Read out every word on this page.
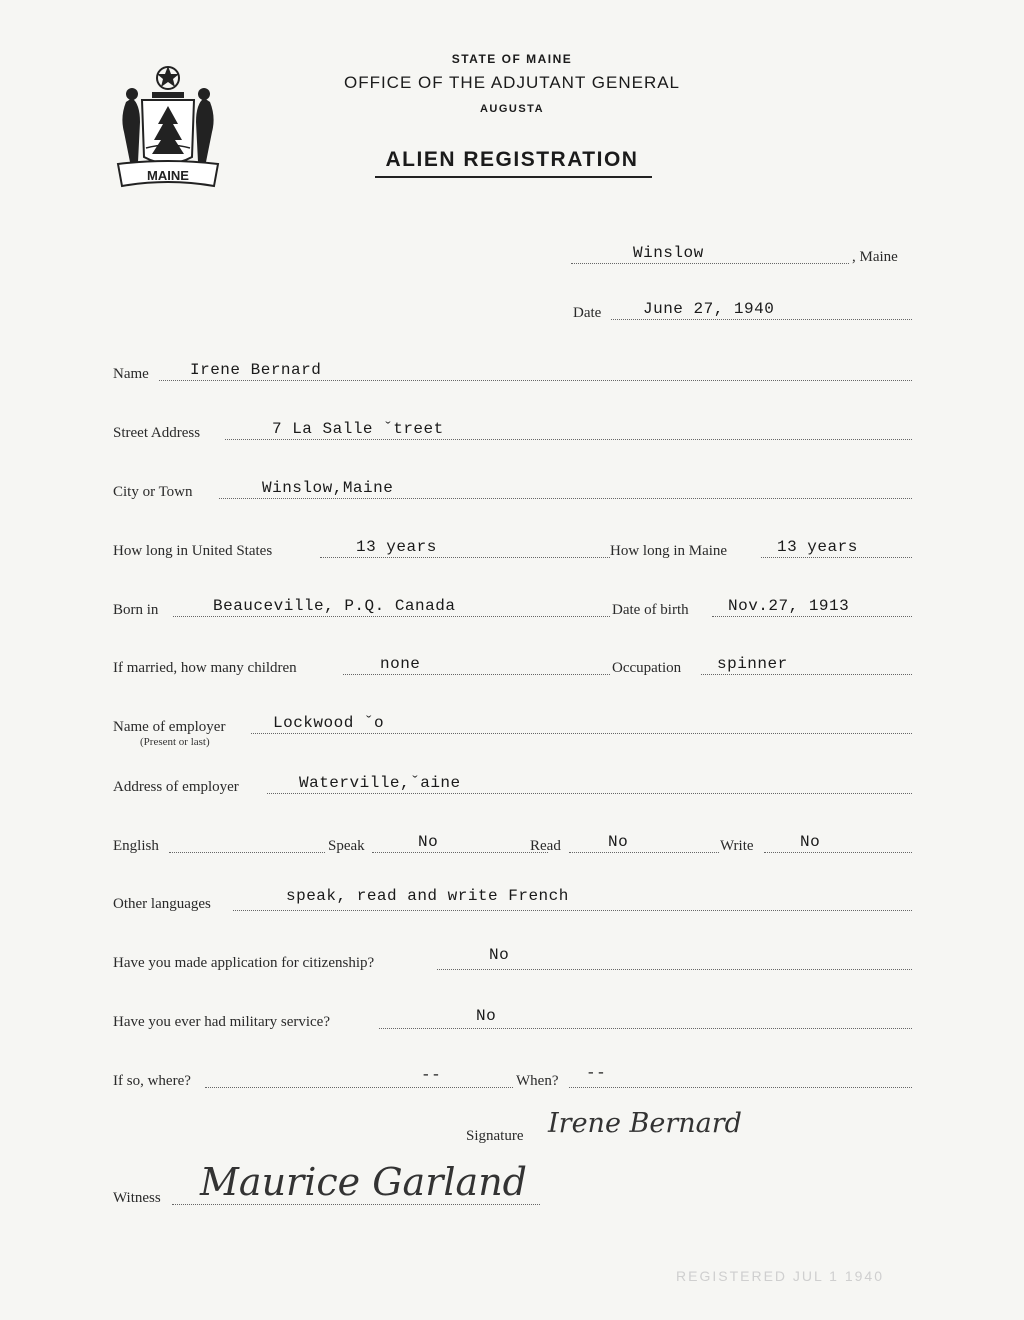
MAINE
STATE OF MAINE
OFFICE OF THE ADJUTANT GENERAL
AUGUSTA
ALIEN REGISTRATION
Winslow	, Maine
Date	June 27, 1940
Name	Irene Bernard
Street Address	7 La Salle ˇtreet
City or Town	Winslow,Maine
How long in United States	13 years	How long in Maine	13 years
Born in	Beauceville, P.Q. Canada	Date of birth Nov.27, 1913
If married, how many children	none	Occupation spinner
Name of employer	Lockwood ˇo
(Present or last)
Address of employer	Waterville,ˇaine
English	Speak	No	Read	No	Write	No
Other languages	speak, read and write French
Have you made application for citizenship?	No
Have you ever had military service?	No
If so, where?	--	When? --
Signature Irene Bernard
Witness Maurice Garland
REGISTERED JUL 1 1940
